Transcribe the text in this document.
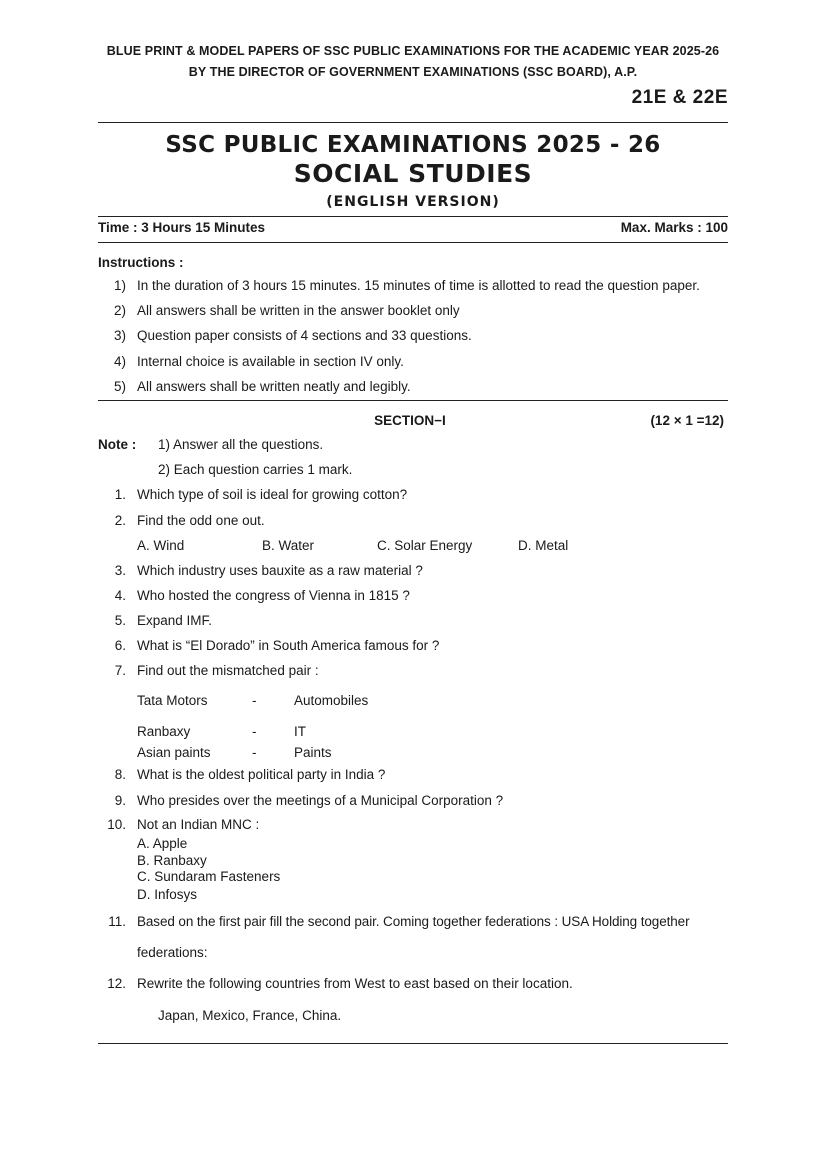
BLUE PRINT & MODEL PAPERS OF SSC PUBLIC EXAMINATIONS FOR THE ACADEMIC YEAR 2025-26
BY THE DIRECTOR OF GOVERNMENT EXAMINATIONS (SSC BOARD), A.P.
21E & 22E
SSC PUBLIC EXAMINATIONS 2025 - 26
SOCIAL STUDIES
(ENGLISH VERSION)
Time : 3 Hours 15 Minutes	Max. Marks : 100
Instructions :
1) In the duration of 3 hours 15 minutes. 15 minutes of time is allotted to read the question paper.
2) All answers shall be written in the answer booklet only
3) Question paper consists of 4 sections and 33 questions.
4) Internal choice is available in section IV only.
5) All answers shall be written neatly and legibly.
SECTION−I	(12 × 1 =12)
Note : 1) Answer all the questions.
2) Each question carries 1 mark.
1. Which type of soil is ideal for growing cotton?
2. Find the odd one out.
A. Wind	B. Water	C. Solar Energy	D. Metal
3. Which industry uses bauxite as a raw material ?
4. Who hosted the congress of Vienna in 1815 ?
5. Expand IMF.
6. What is “El Dorado” in South America famous for ?
7. Find out the mismatched pair :
Tata Motors	-	Automobiles
Ranbaxy	-	IT
Asian paints	-	Paints
8. What is the oldest political party in India ?
9. Who presides over the meetings of a Municipal Corporation ?
10. Not an Indian MNC :
A. Apple
B. Ranbaxy
C. Sundaram Fasteners
D. Infosys
11. Based on the first pair fill the second pair. Coming together federations : USA Holding together
federations:
12. Rewrite the following countries from West to east based on their location.
Japan, Mexico, France, China.
